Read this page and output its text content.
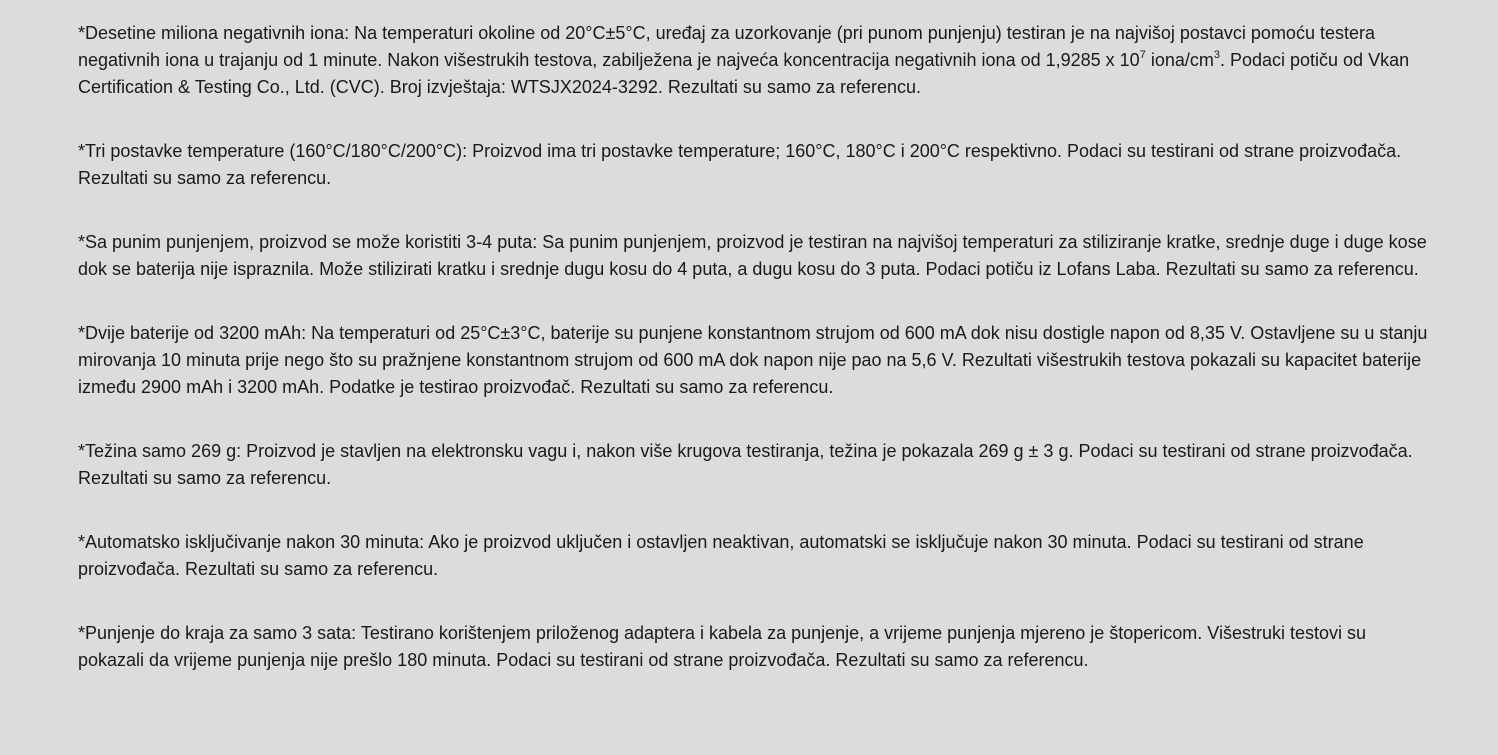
*Desetine miliona negativnih iona: Na temperaturi okoline od 20°C±5°C, uređaj za uzorkovanje (pri punom punjenju) testiran je na najvišoj postavci pomoću testera negativnih iona u trajanju od 1 minute. Nakon višestrukih testova, zabilježena je najveća koncentracija negativnih iona od 1,9285 x $10^7$ iona/$cm^3$. Podaci potiču od Vkan Certification & Testing Co., Ltd. (CVC). Broj izvještaja: WTSJX2024-3292. Rezultati su samo za referencu.

*Tri postavke temperature (160°C/180°C/200°C): Proizvod ima tri postavke temperature; 160°C, 180°C i 200°C respektivno. Podaci su testirani od strane proizvođača. Rezultati su samo za referencu.

*Sa punim punjenjem, proizvod se može koristiti 3-4 puta: Sa punim punjenjem, proizvod je testiran na najvišoj temperaturi za stiliziranje kratke, srednje duge i duge kose dok se baterija nije ispraznila. Može stilizirati kratku i srednje dugu kosu do 4 puta, a dugu kosu do 3 puta. Podaci potiču iz Lofans Laba. Rezultati su samo za referencu.

*Dvije baterije od 3200 mAh: Na temperaturi od 25°C±3°C, baterije su punjene konstantnom strujom od 600 mA dok nisu dostigle napon od 8,35 V. Ostavljene su u stanju mirovanja 10 minuta prije nego što su pražnjene konstantnom strujom od 600 mA dok napon nije pao na 5,6 V. Rezultati višestrukih testova pokazali su kapacitet baterije između 2900 mAh i 3200 mAh. Podatke je testirao proizvođač. Rezultati su samo za referencu.

*Težina samo 269 g: Proizvod je stavljen na elektronsku vagu i, nakon više krugova testiranja, težina je pokazala 269 g ± 3 g. Podaci su testirani od strane proizvođača. Rezultati su samo za referencu.

*Automatsko isključivanje nakon 30 minuta: Ako je proizvod uključen i ostavljen neaktivan, automatski se isključuje nakon 30 minuta. Podaci su testirani od strane proizvođača. Rezultati su samo za referencu.

*Punjenje do kraja za samo 3 sata: Testirano korištenjem priloženog adaptera i kabela za punjenje, a vrijeme punjenja mjereno je štopericom. Višestruki testovi su pokazali da vrijeme punjenja nije prešlo 180 minuta. Podaci su testirani od strane proizvođača. Rezultati su samo za referencu.
